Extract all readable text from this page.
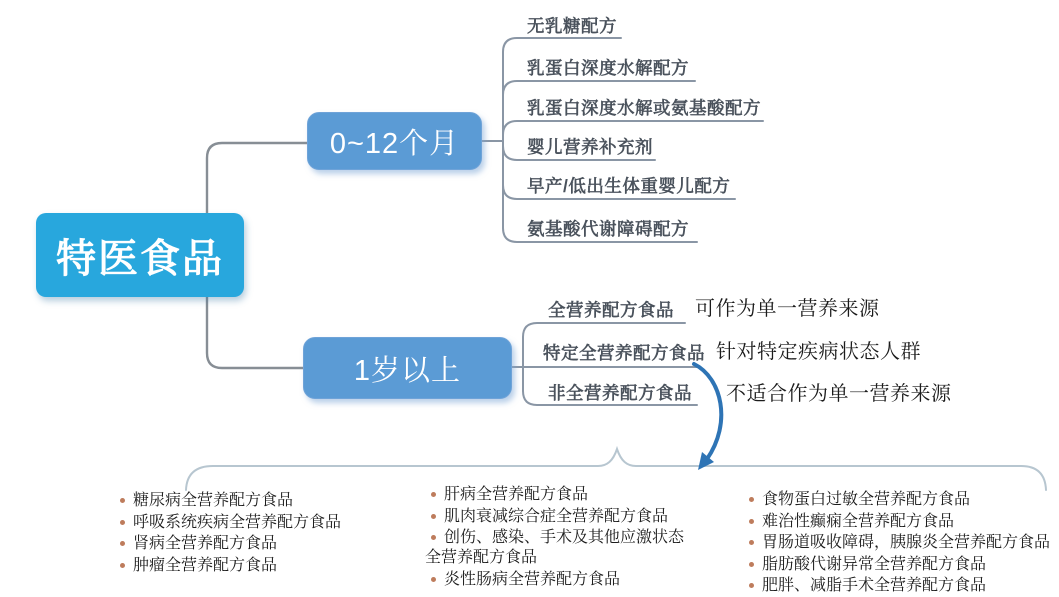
特医食品
0~12个月
1岁以上
无乳糖配方
乳蛋白深度水解配方
乳蛋白深度水解或氨基酸配方
婴儿营养补充剂
早产/低出生体重婴儿配方
氨基酸代谢障碍配方
全营养配方食品
特定全营养配方食品
非全营养配方食品
可作为单一营养来源
针对特定疾病状态人群
不适合作为单一营养来源
糖尿病全营养配方食品
呼吸系统疾病全营养配方食品
肾病全营养配方食品
肿瘤全营养配方食品
肝病全营养配方食品
肌肉衰减综合症全营养配方食品
创伤、感染、手术及其他应激状态全营养配方食品
炎性肠病全营养配方食品
食物蛋白过敏全营养配方食品
难治性癫痫全营养配方食品
胃肠道吸收障碍，胰腺炎全营养配方食品
脂肪酸代谢异常全营养配方食品
肥胖、减脂手术全营养配方食品
